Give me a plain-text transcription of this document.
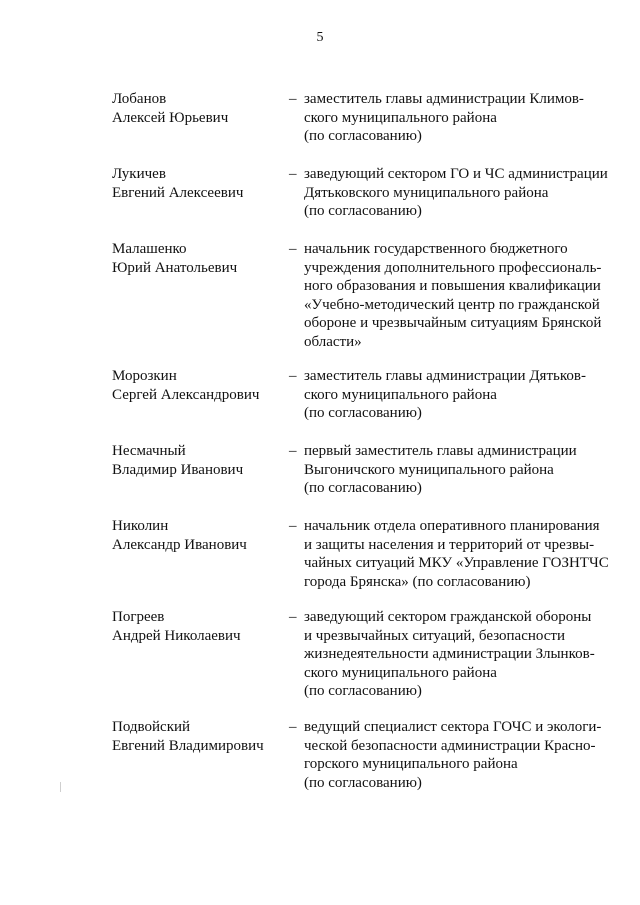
5
Лобанов
Алексей Юрьевич
– заместитель главы администрации Климов-
ского муниципального района
(по согласованию)
Лукичев
Евгений Алексеевич
– заведующий сектором ГО и ЧС администрации
Дятьковского муниципального района
(по согласованию)
Малашенко
Юрий Анатольевич
– начальник государственного бюджетного
учреждения дополнительного профессиональ-
ного образования и повышения квалификации
«Учебно-методический центр по гражданской
обороне и чрезвычайным ситуациям Брянской
области»
Морозкин
Сергей Александрович
– заместитель главы администрации Дятьков-
ского муниципального района
(по согласованию)
Несмачный
Владимир Иванович
– первый заместитель главы администрации
Выгоничского муниципального района
(по согласованию)
Николин
Александр Иванович
– начальник отдела оперативного планирования
и защиты населения и территорий от чрезвы-
чайных ситуаций МКУ «Управление ГОЗНТЧС
города Брянска» (по согласованию)
Погреев
Андрей Николаевич
– заведующий сектором гражданской обороны
и чрезвычайных ситуаций, безопасности
жизнедеятельности администрации Злынков-
ского муниципального района
(по согласованию)
Подвойский
Евгений Владимирович
– ведущий специалист сектора ГОЧС и экологи-
ческой безопасности администрации Красно-
горского муниципального района
(по согласованию)
